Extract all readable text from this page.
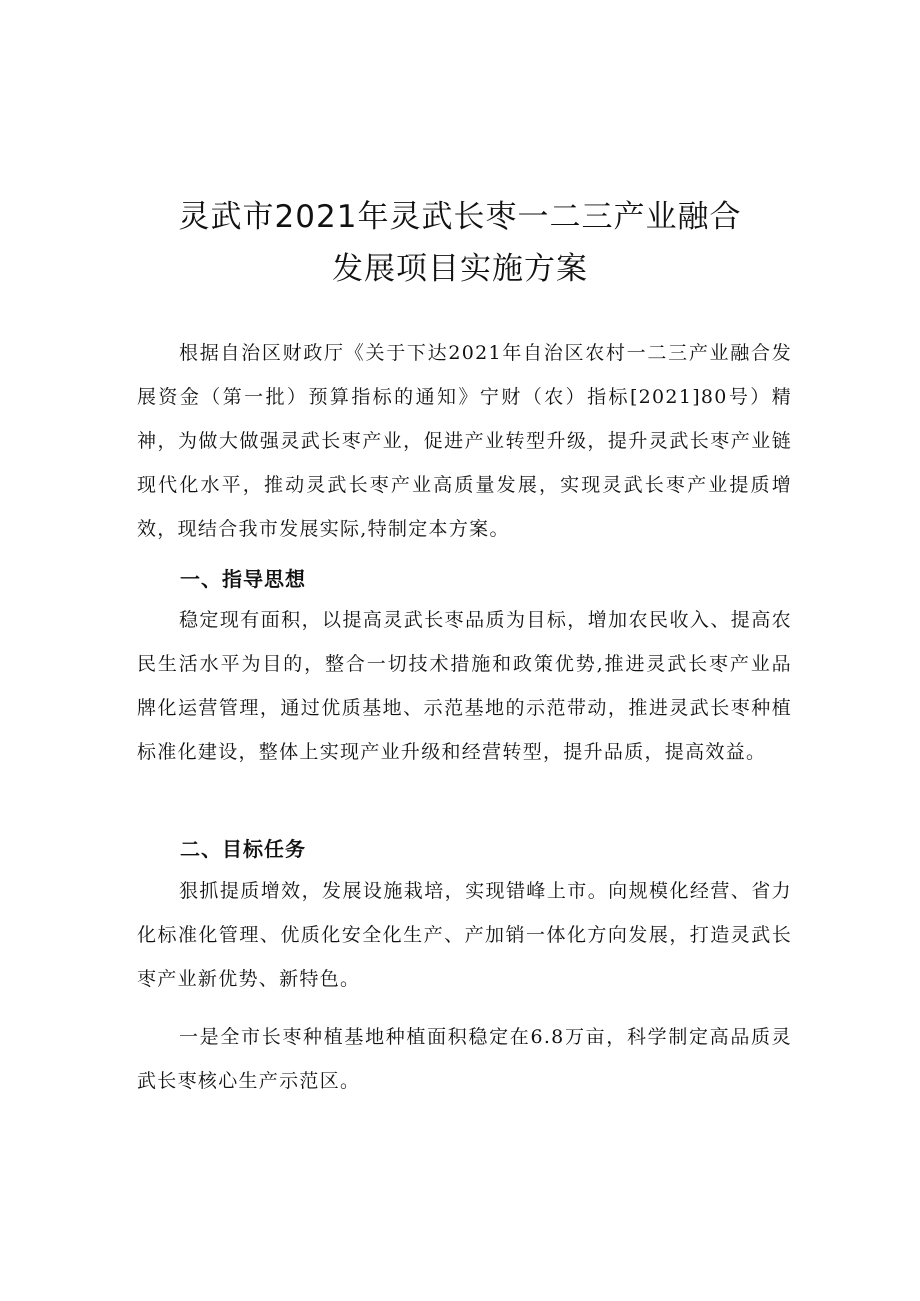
灵武市2021年灵武长枣一二三产业融合
发展项目实施方案
根据自治区财政厅《关于下达2021年自治区农村一二三产业融合发展资金（第一批）预算指标的通知》宁财（农）指标[2021]80号）精神，为做大做强灵武长枣产业，促进产业转型升级，提升灵武长枣产业链现代化水平，推动灵武长枣产业高质量发展，实现灵武长枣产业提质增效，现结合我市发展实际,特制定本方案。
一、指导思想
稳定现有面积，以提高灵武长枣品质为目标，增加农民收入、提高农民生活水平为目的，整合一切技术措施和政策优势,推进灵武长枣产业品牌化运营管理，通过优质基地、示范基地的示范带动，推进灵武长枣种植标准化建设，整体上实现产业升级和经营转型，提升品质，提高效益。
二、目标任务
狠抓提质增效，发展设施栽培，实现错峰上市。向规模化经营、省力化标准化管理、优质化安全化生产、产加销一体化方向发展，打造灵武长枣产业新优势、新特色。
一是全市长枣种植基地种植面积稳定在6.8万亩，科学制定高品质灵武长枣核心生产示范区。
